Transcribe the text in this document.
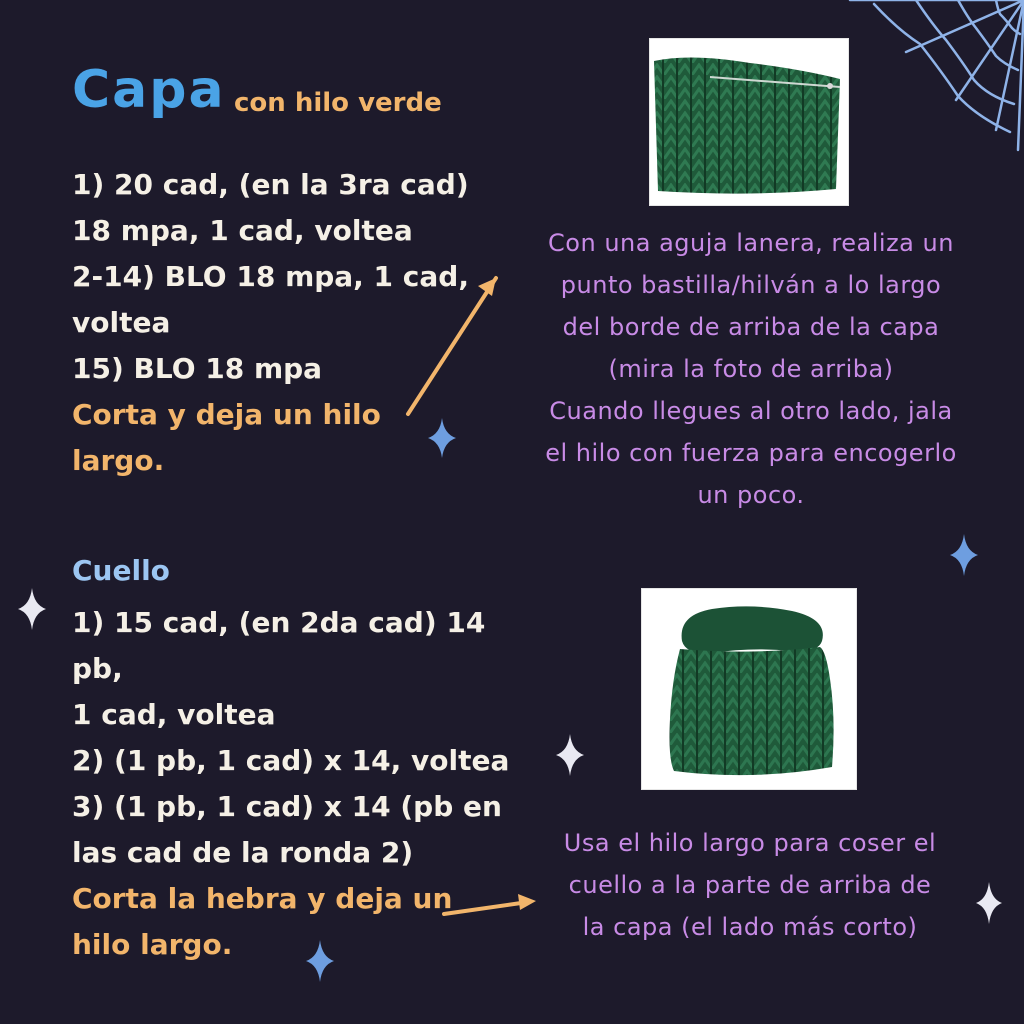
Capa con hilo verde
1) 20 cad, (en la 3ra cad)
18 mpa, 1 cad, voltea
2-14) BLO 18 mpa, 1 cad,
voltea
15) BLO 18 mpa
Corta y deja un hilo
largo.
Con una aguja lanera, realiza un
punto bastilla/hilván a lo largo
del borde de arriba de la capa
(mira la foto de arriba)
Cuando llegues al otro lado, jala
el hilo con fuerza para encogerlo
un poco.
Cuello
1) 15 cad, (en 2da cad) 14 pb,
1 cad, voltea
2) (1 pb, 1 cad) x 14, voltea
3) (1 pb, 1 cad) x 14 (pb en
las cad de la ronda 2)
Corta la hebra y deja un
hilo largo.
Usa el hilo largo para coser el
cuello a la parte de arriba de
la capa (el lado más corto)
